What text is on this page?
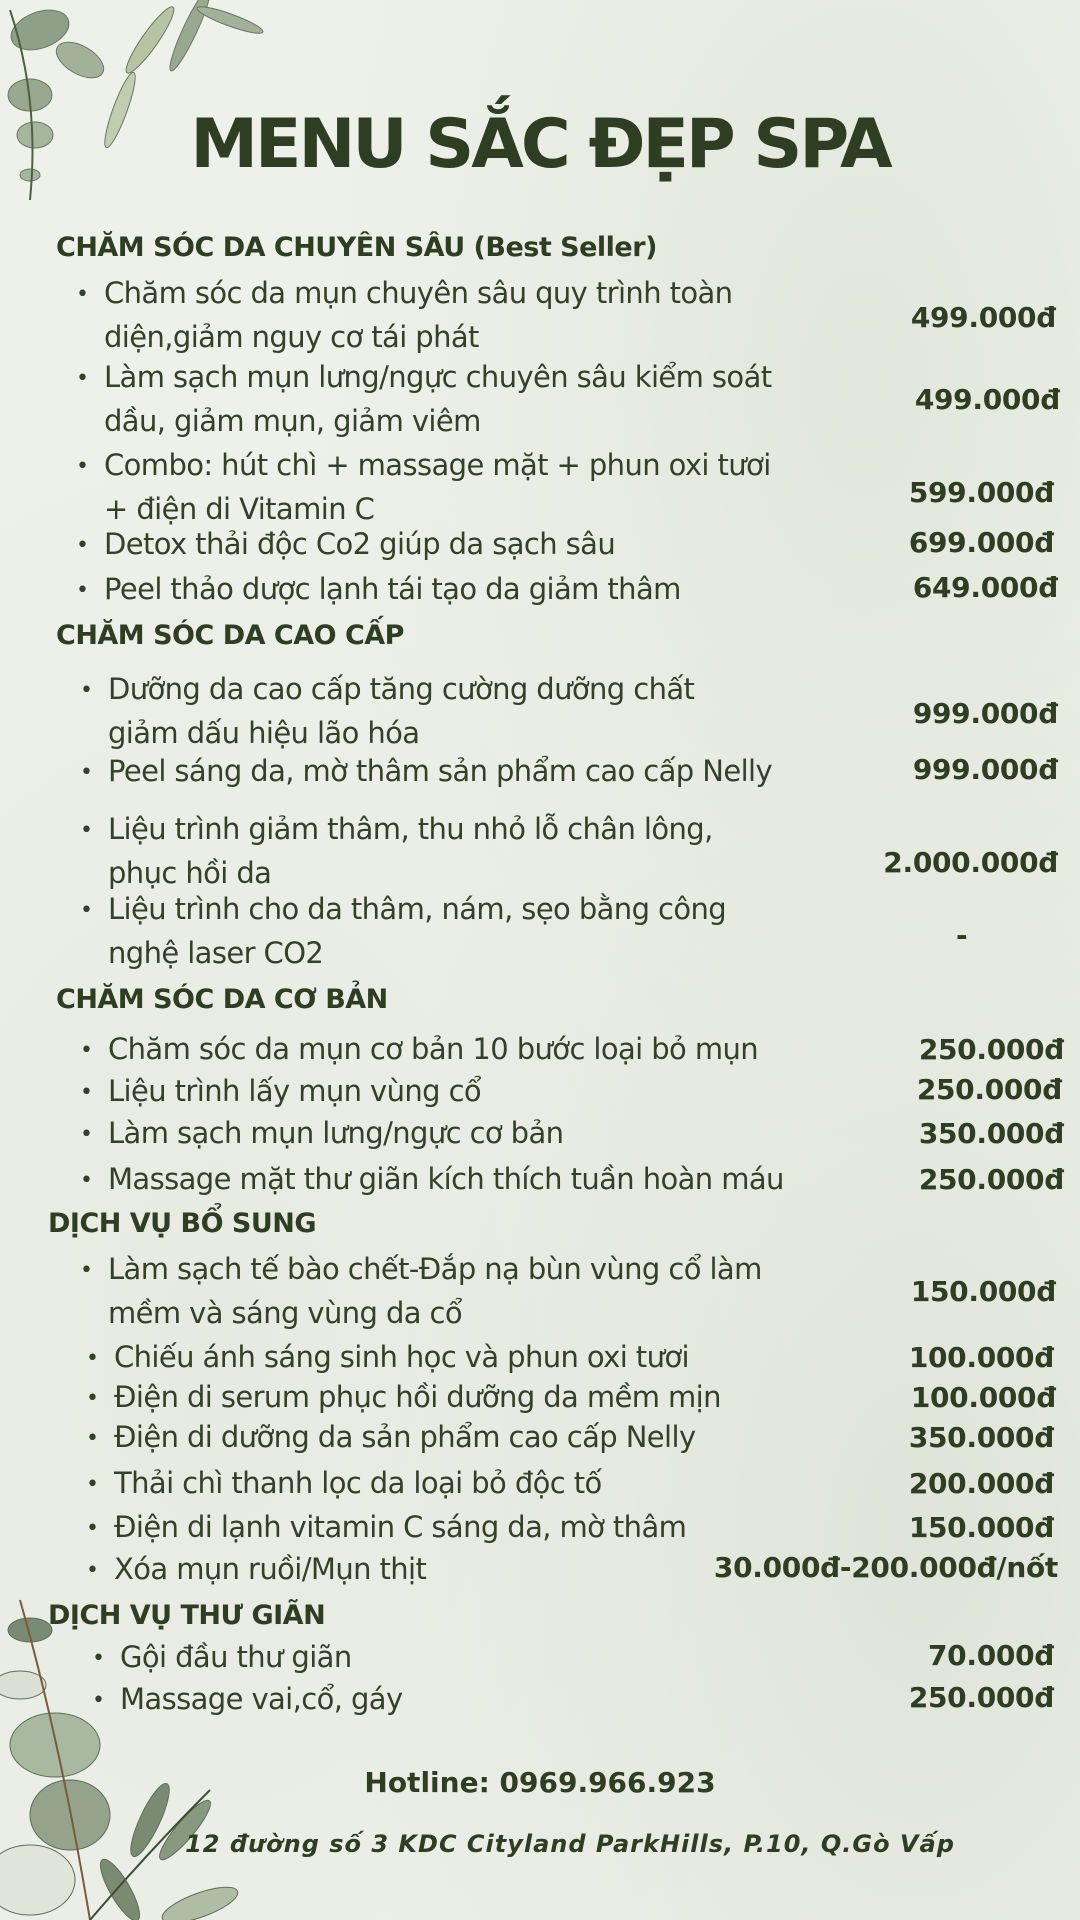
MENU SẮC ĐẸP SPA
CHĂM SÓC DA CHUYÊN SÂU (Best Seller)
• Chăm sóc da mụn chuyên sâu quy trình toàn
diện,giảm nguy cơ tái phát
499.000đ
• Làm sạch mụn lưng/ngực chuyên sâu kiểm soát
dầu, giảm mụn, giảm viêm
499.000đ
• Combo: hút chì + massage mặt + phun oxi tươi
+ điện di Vitamin C	599.000đ
• Detox thải độc Co2 giúp da sạch sâu	699.000đ
• Peel thảo dược lạnh tái tạo da giảm thâm	649.000đ
CHĂM SÓC DA CAO CẤP
• Dưỡng da cao cấp tăng cường dưỡng chất
giảm dấu hiệu lão hóa
999.000đ
• Peel sáng da, mờ thâm sản phẩm cao cấp Nelly	999.000đ
• Liệu trình giảm thâm, thu nhỏ lỗ chân lông,
phục hồi da	2.000.000đ
• Liệu trình cho da thâm, nám, sẹo bằng công
nghệ laser CO2
-
CHĂM SÓC DA CƠ BẢN
• Chăm sóc da mụn cơ bản 10 bước loại bỏ mụn	250.000đ
• Liệu trình lấy mụn vùng cổ	250.000đ
• Làm sạch mụn lưng/ngực cơ bản	350.000đ
• Massage mặt thư giãn kích thích tuần hoàn máu	250.000đ
DỊCH VỤ BỔ SUNG
• Làm sạch tế bào chết-Đắp nạ bùn vùng cổ làm
mềm và sáng vùng da cổ
150.000đ
• Chiếu ánh sáng sinh học và phun oxi tươi	100.000đ
• Điện di serum phục hồi dưỡng da mềm mịn	100.000đ
• Điện di dưỡng da sản phẩm cao cấp Nelly	350.000đ
• Thải chì thanh lọc da loại bỏ độc tố	200.000đ
• Điện di lạnh vitamin C sáng da, mờ thâm	150.000đ
• Xóa mụn ruồi/Mụn thịt	30.000đ-200.000đ/nốt
DỊCH VỤ THƯ GIÃN
• Gội đầu thư giãn	70.000đ
• Massage vai,cổ, gáy	250.000đ
Hotline: 0969.966.923
12 đường số 3 KDC Cityland ParkHills, P.10, Q.Gò Vấp
